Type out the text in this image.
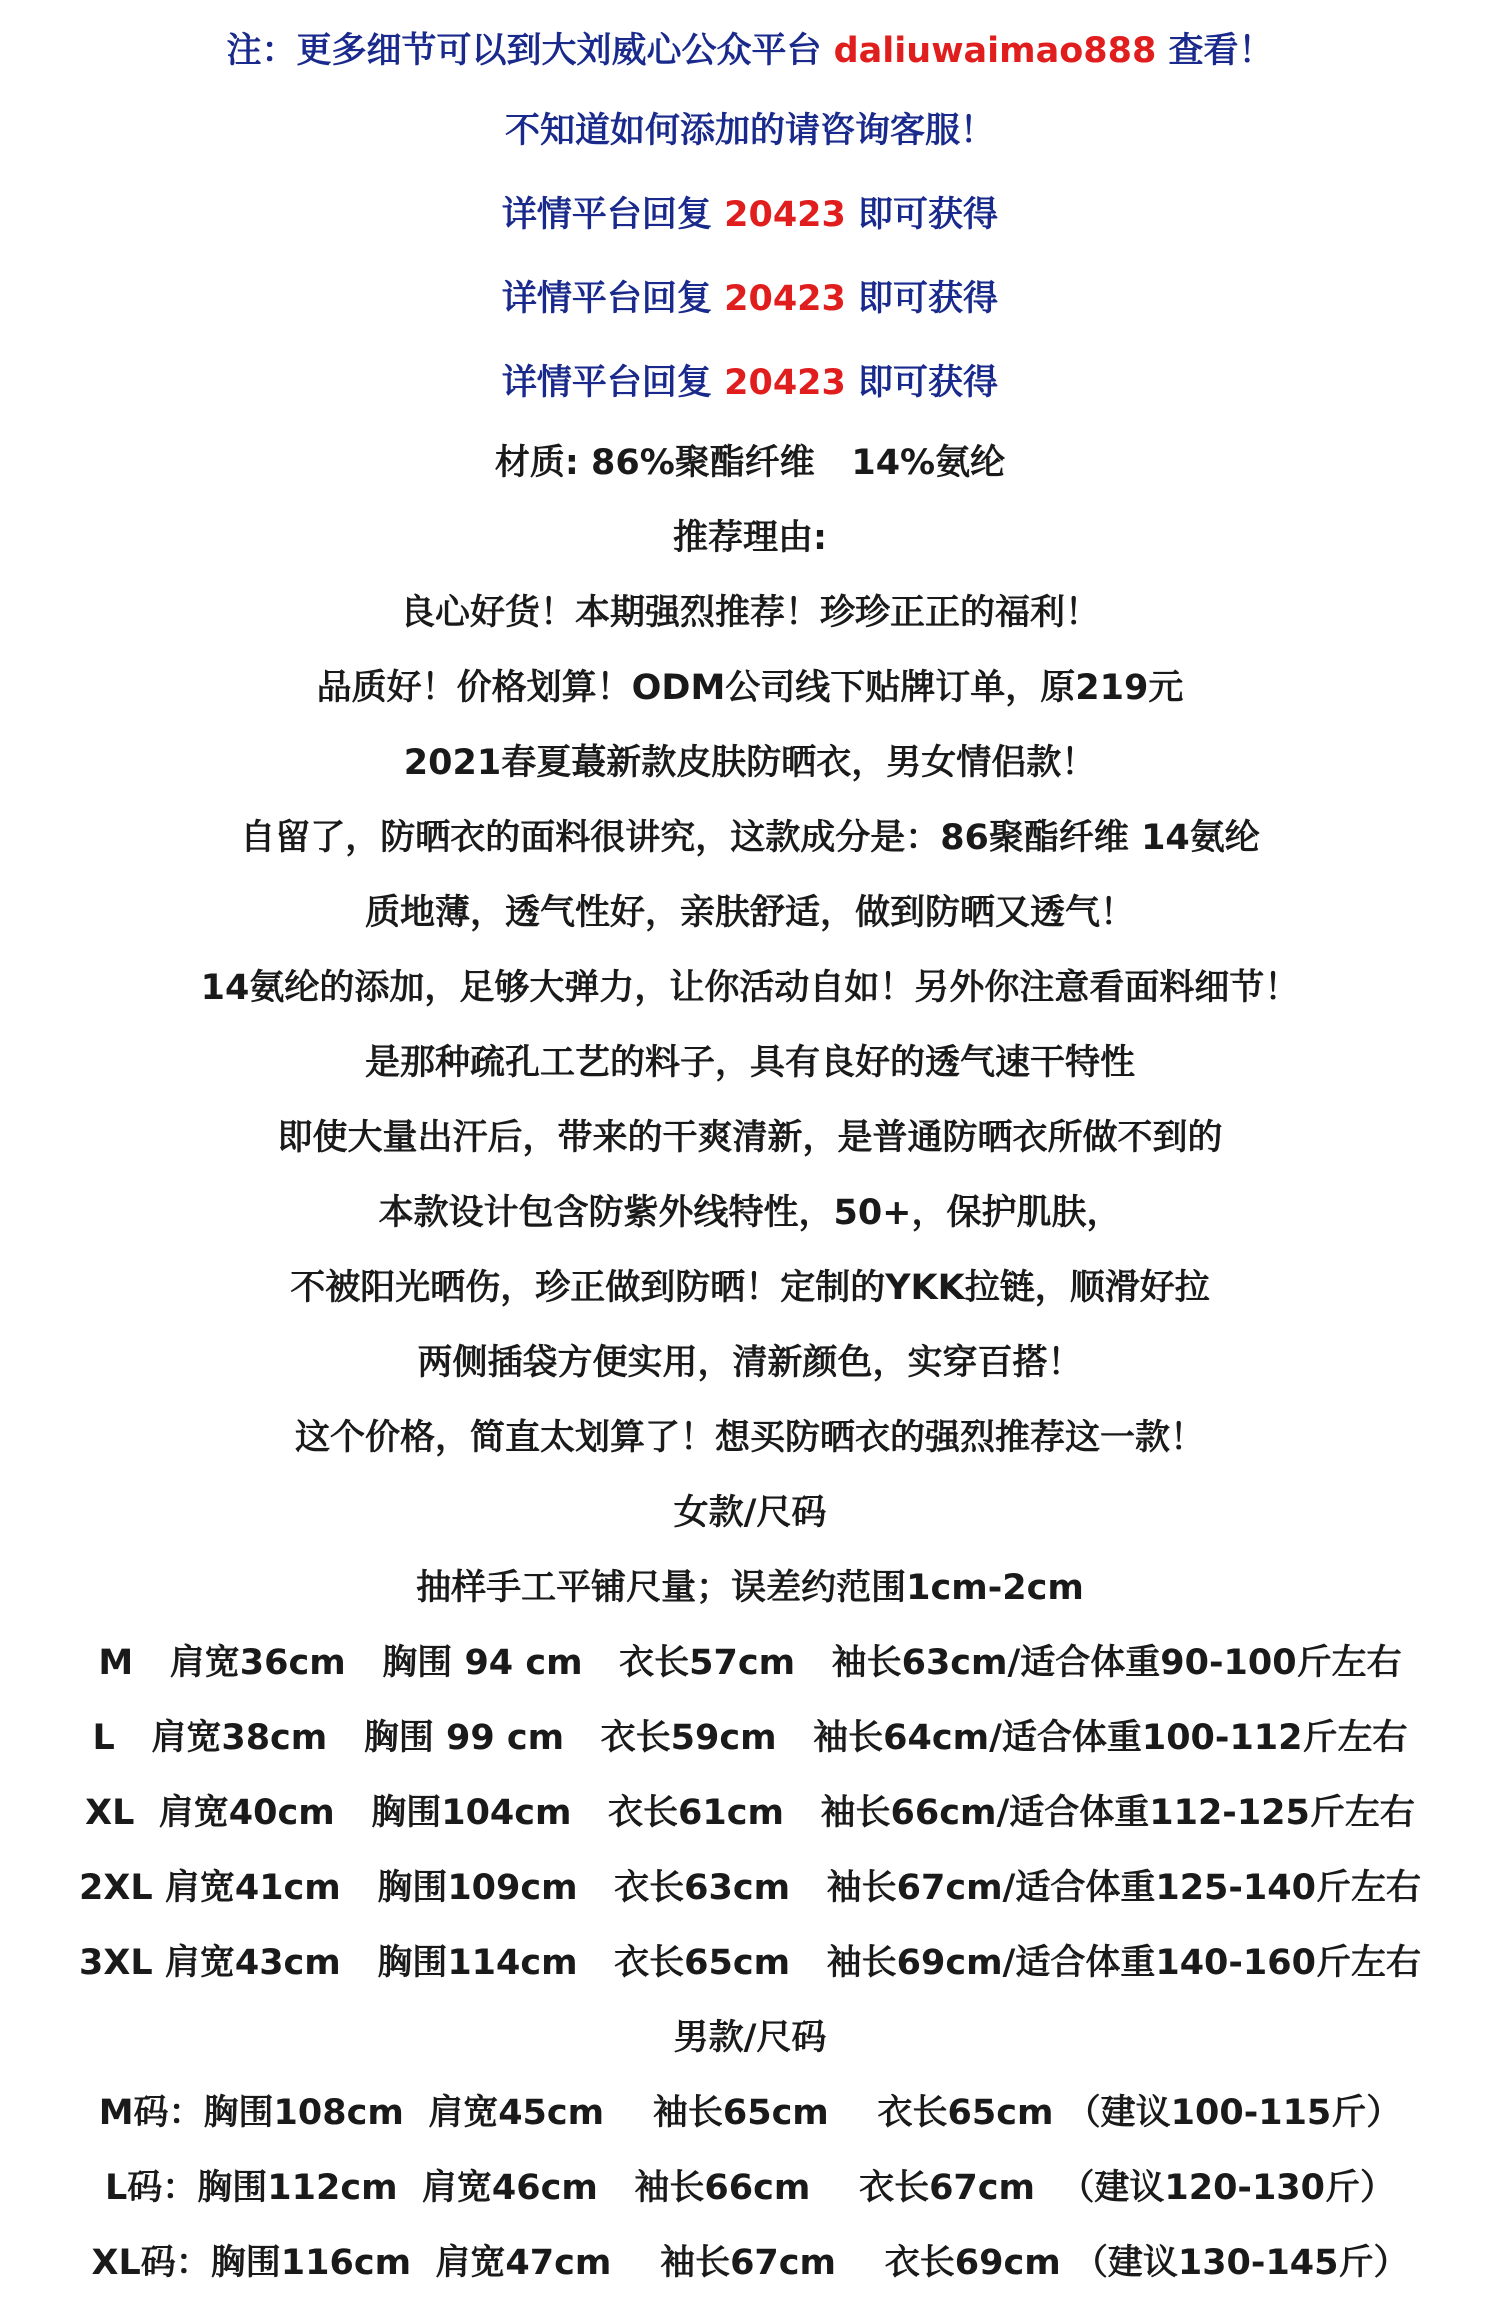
注：更多细节可以到大刘威心公众平台 daliuwaimao888 查看！
不知道如何添加的请咨询客服！
详情平台回复 20423 即可获得
详情平台回复 20423 即可获得
详情平台回复 20423 即可获得
材质: 86%聚酯纤维   14%氨纶
推荐理由:
良心好货！本期强烈推荐！珍珍正正的福利！
品质好！价格划算！ODM公司线下贴牌订单，原219元
2021春夏蕞新款皮肤防晒衣，男女情侣款！
自留了，防晒衣的面料很讲究，这款成分是：86聚酯纤维 14氨纶
质地薄，透气性好，亲肤舒适，做到防晒又透气！
14氨纶的添加，足够大弹力，让你活动自如！另外你注意看面料细节！
是那种疏孔工艺的料子，具有良好的透气速干特性
即使大量出汗后，带来的干爽清新，是普通防晒衣所做不到的
本款设计包含防紫外线特性，50+，保护肌肤，
不被阳光晒伤，珍正做到防晒！定制的YKK拉链，顺滑好拉
两侧插袋方便实用，清新颜色，实穿百搭！
这个价格，简直太划算了！想买防晒衣的强烈推荐这一款！
女款/尺码
抽样手工平铺尺量；误差约范围1cm-2cm
M   肩宽36cm   胸围 94 cm   衣长57cm   袖长63cm/适合体重90-100斤左右
L   肩宽38cm   胸围 99 cm   衣长59cm   袖长64cm/适合体重100-112斤左右
XL  肩宽40cm   胸围104cm   衣长61cm   袖长66cm/适合体重112-125斤左右
2XL 肩宽41cm   胸围109cm   衣长63cm   袖长67cm/适合体重125-140斤左右
3XL 肩宽43cm   胸围114cm   衣长65cm   袖长69cm/适合体重140-160斤左右
男款/尺码
M码：胸围108cm  肩宽45cm    袖长65cm    衣长65cm （建议100-115斤）
L码：胸围112cm  肩宽46cm   袖长66cm    衣长67cm  （建议120-130斤）
XL码：胸围116cm  肩宽47cm    袖长67cm    衣长69cm （建议130-145斤）
